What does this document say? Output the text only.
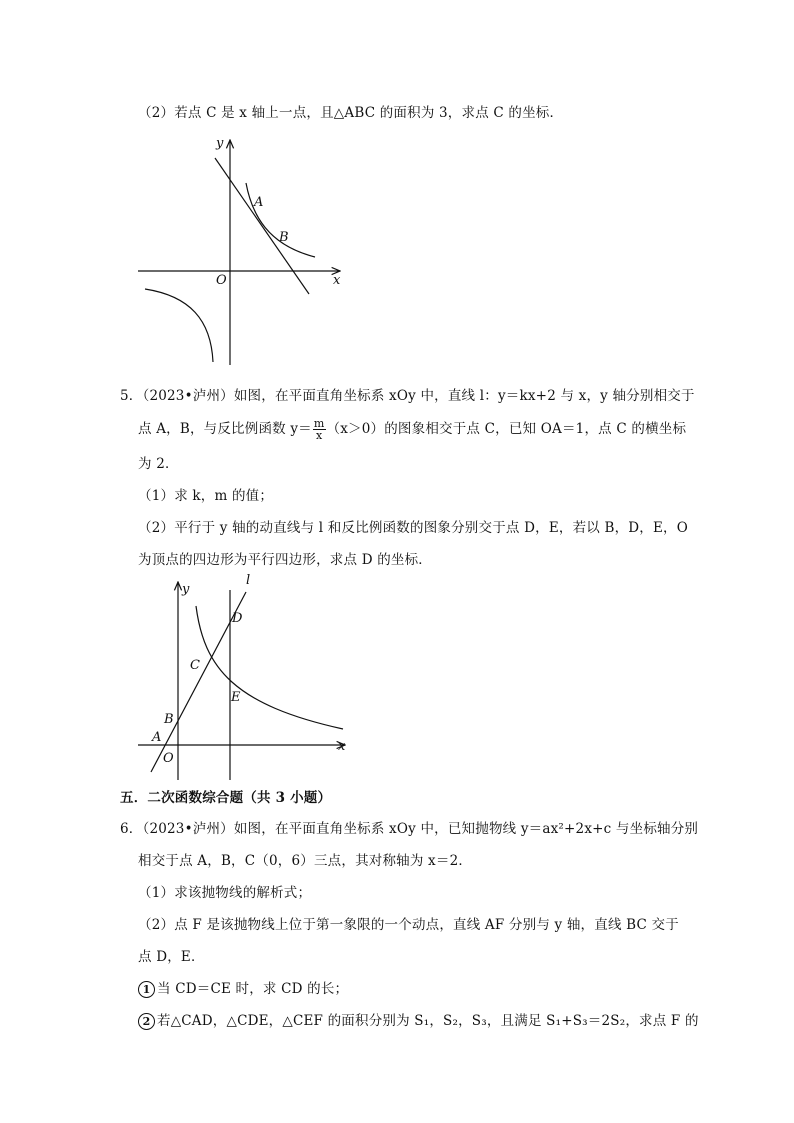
（2）若点 C 是 x 轴上一点，且△ABC 的面积为 3，求点 C 的坐标．
y
x
O
A
B
5．（2023•泸州）如图，在平面直角坐标系 xOy 中，直线 l：y＝kx+2 与 x，y 轴分别相交于
点 A，B，与反比例函数 $y= \frac{m}{x} (x>0)$的图象相交于点 C，已知 OA＝1，点 C 的横坐标
为 2．
（1）求 k，m 的值；
（2）平行于 y 轴的动直线与 l 和反比例函数的图象分别交于点 D，E，若以 B，D，E，O
为顶点的四边形为平行四边形，求点 D 的坐标．
y
l
x
O
A
B
C
D
E
五．二次函数综合题（共 3 小题）
6．（2023•泸州）如图，在平面直角坐标系 xOy 中，已知抛物线 y＝ax²+2x+c 与坐标轴分别
相交于点 A，B，C（0，6）三点，其对称轴为 x＝2．
（1）求该抛物线的解析式；
（2）点 F 是该抛物线上位于第一象限的一个动点，直线 AF 分别与 y 轴，直线 BC 交于
点 D，E．
1 当 CD＝CE 时，求 CD 的长；
2 若△CAD，△CDE，△CEF 的面积分别为 S₁，S₂，S₃，且满足 S₁+S₃＝2S₂，求点 F 的
